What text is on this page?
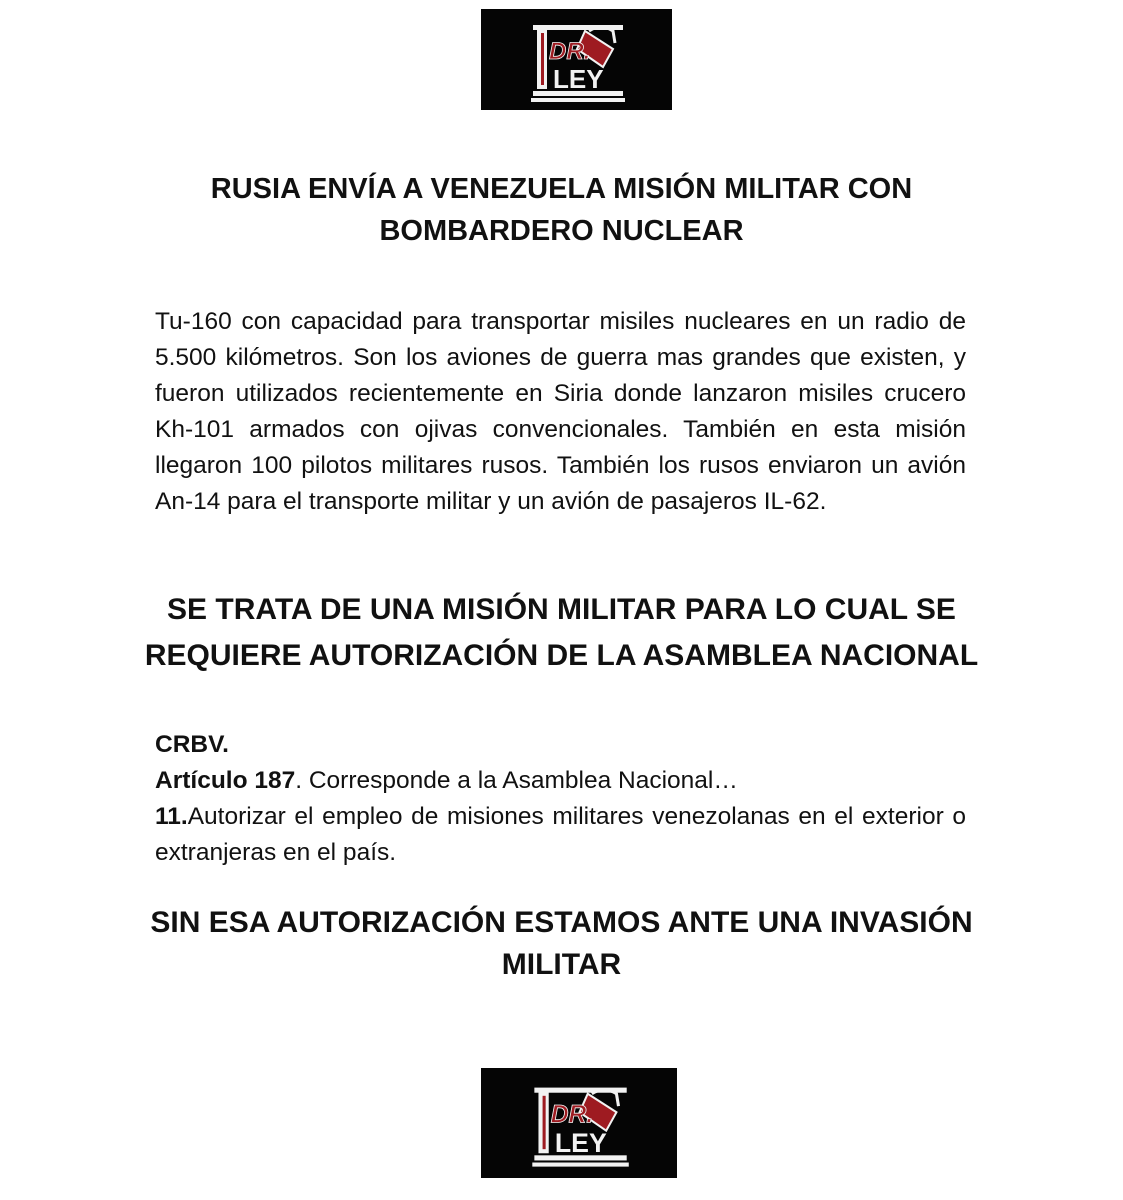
DR.
LEY
RUSIA ENVÍA A VENEZUELA MISIÓN MILITAR CON BOMBARDERO NUCLEAR

Tu-160 con capacidad para transportar misiles nucleares en un radio de 5.500 kilómetros. Son los aviones de guerra mas grandes que existen, y fueron utilizados recientemente en Siria donde lanzaron misiles crucero Kh-101 armados con ojivas convencionales. También en esta misión llegaron 100 pilotos militares rusos. También los rusos enviaron un avión An-14 para el transporte militar y un avión de pasajeros IL-62.

SE TRATA DE UNA MISIÓN MILITAR PARA LO CUAL SE REQUIERE AUTORIZACIÓN DE LA ASAMBLEA NACIONAL
CRBV.
Artículo 187. Corresponde a la Asamblea Nacional…
11.Autorizar el empleo de misiones militares venezolanas en el exterior o extranjeras en el país.
SIN ESA AUTORIZACIÓN ESTAMOS ANTE UNA INVASIÓN MILITAR
DR.
LEY
